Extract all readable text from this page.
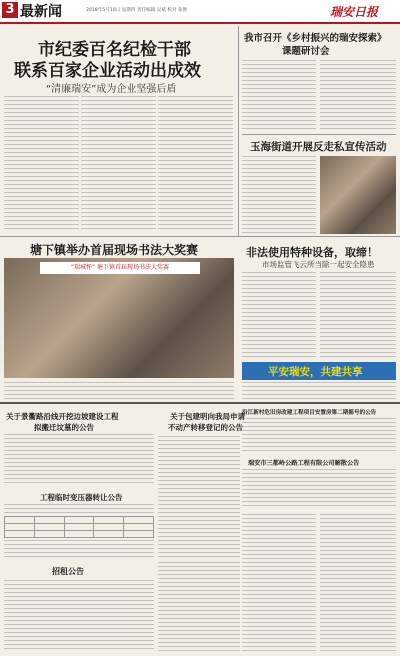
3 最新闻	2018年5月10日 星期四 责任编辑 吴斌 校对 张艳	瑞安日报
市纪委百名纪检干部
联系百家企业活动出成效
“清廉瑞安”成为企业坚强后盾
我市召开《乡村振兴的瑞安探索》
课题研讨会
玉海街道开展反走私宣传活动
塘下镇举办首届现场书法大奖赛
“瑞城杯” 塘下镇首届现场书法大奖赛
非法使用特种设备，取缔！
市场监管飞云所当除一起安全隐患
平安瑞安，共建共享
关于景衢路沿线开挖边坡建设工程
拟搬迁坟墓的公告
关于包建明向我局申请
不动产转移登记的公告
沿江新村危旧房改建工程项目安置房第二期摇号的公告
瑞安市三都岭公路工程有限公司解散公告
工程临时变压器转让公告

招租公告
